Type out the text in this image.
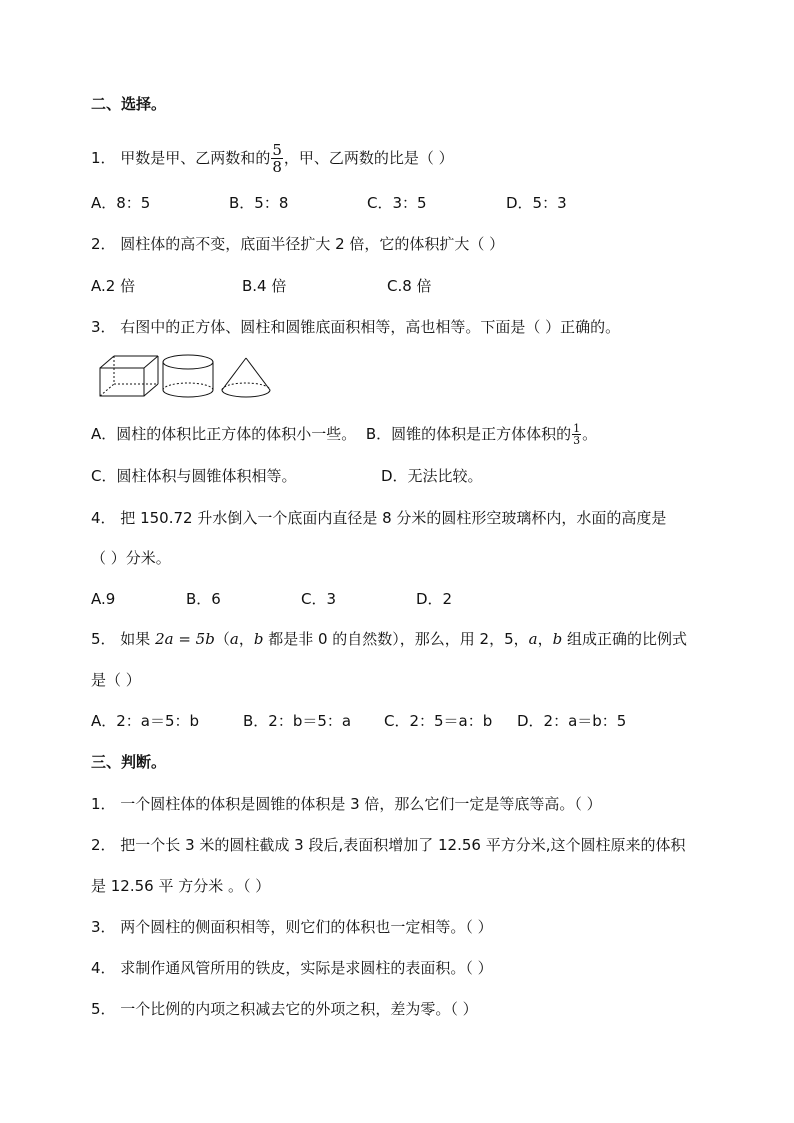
二、选择。
1． 甲数是甲、乙两数和的 $\frac{5}{8}$ ，甲、乙两数的比是（ ）
A．8：5	B．5：8	C．3：5	D．5：3
2． 圆柱体的高不变，底面半径扩大 2 倍，它的体积扩大（ ）
A.2 倍	B.4 倍	C.8 倍
3． 右图中的正方体、圆柱和圆锥底面积相等，高也相等。下面是（ ）正确的。
A．圆柱的体积比正方体的体积小一些。 B．圆锥的体积是正方体体积的 $\frac{1}{3}$ 。
C．圆柱体积与圆锥体积相等。	D．无法比较。
4． 把 150.72 升水倒入一个底面内直径是 8 分米的圆柱形空玻璃杯内，水面的高度是
（ ）分米。
A.9	B．6	C．3	D．2
5． 如果 2a = 5b（a，b 都是非 0 的自然数），那么，用 2，5，a，b 组成正确的比例式
是（ ）
A．2：a＝5：b	B．2：b＝5：a C．2：5＝a：b D．2：a＝b：5
三、判断。
1． 一个圆柱体的体积是圆锥的体积是 3 倍，那么它们一定是等底等高。（ ）
2． 把一个长 3 米的圆柱截成 3 段后,表面积增加了 12.56 平方分米,这个圆柱原来的体积
是 12.56 平 方分米 。（ ）
3． 两个圆柱的侧面积相等，则它们的体积也一定相等。（ ）
4． 求制作通风管所用的铁皮，实际是求圆柱的表面积。（ ）
5． 一个比例的内项之积减去它的外项之积，差为零。（ ）
